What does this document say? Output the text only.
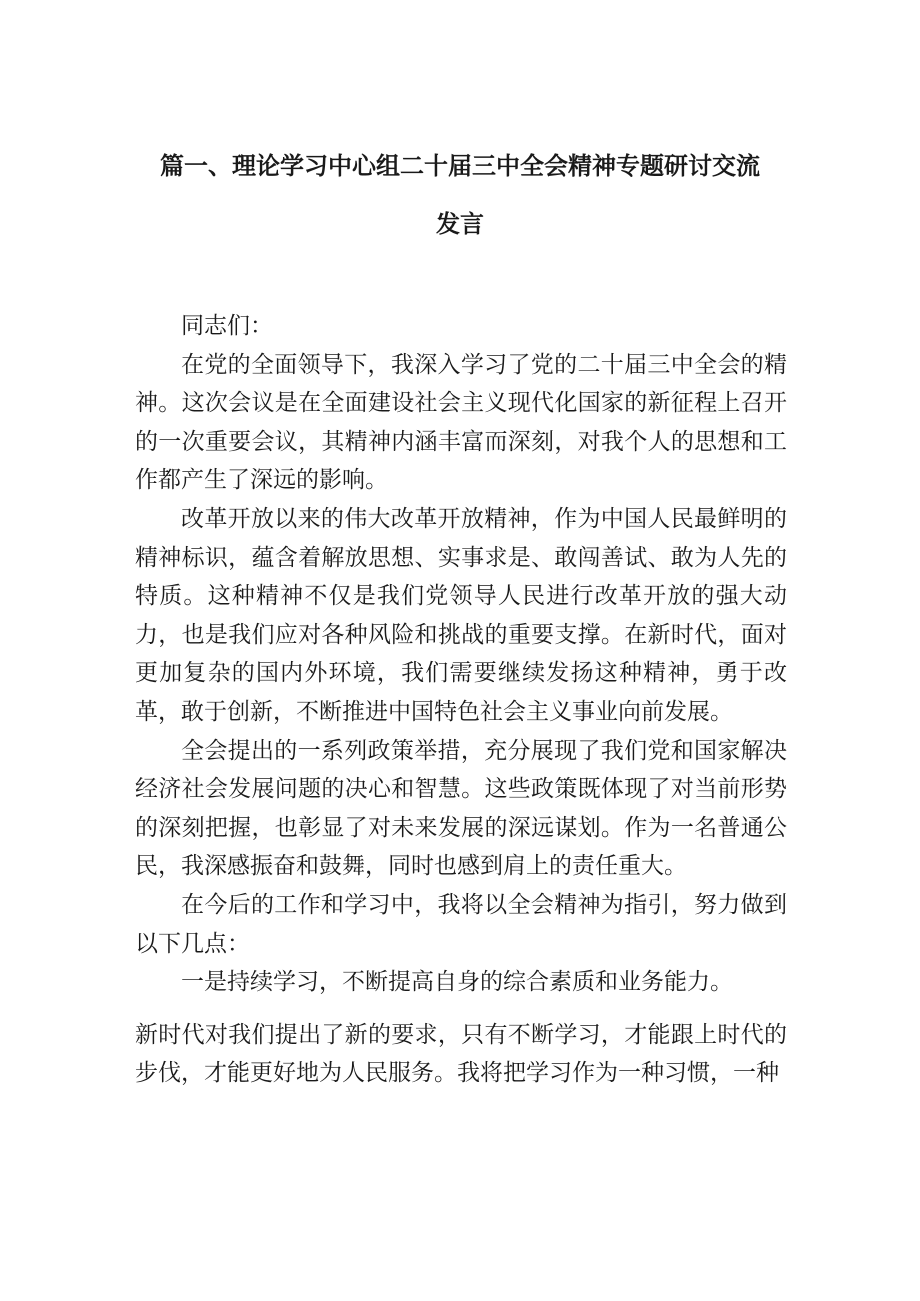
篇一、理论学习中心组二十届三中全会精神专题研讨交流
发言

同志们：

在党的全面领导下，我深入学习了党的二十届三中全会的精神。这次会议是在全面建设社会主义现代化国家的新征程上召开的一次重要会议，其精神内涵丰富而深刻，对我个人的思想和工作都产生了深远的影响。

改革开放以来的伟大改革开放精神，作为中国人民最鲜明的精神标识，蕴含着解放思想、实事求是、敢闯善试、敢为人先的特质。这种精神不仅是我们党领导人民进行改革开放的强大动力，也是我们应对各种风险和挑战的重要支撑。在新时代，面对更加复杂的国内外环境，我们需要继续发扬这种精神，勇于改革，敢于创新，不断推进中国特色社会主义事业向前发展。

全会提出的一系列政策举措，充分展现了我们党和国家解决经济社会发展问题的决心和智慧。这些政策既体现了对当前形势的深刻把握，也彰显了对未来发展的深远谋划。作为一名普通公民，我深感振奋和鼓舞，同时也感到肩上的责任重大。

在今后的工作和学习中，我将以全会精神为指引，努力做到以下几点：

一是持续学习，不断提高自身的综合素质和业务能力。

新时代对我们提出了新的要求，只有不断学习，才能跟上时代的步伐，才能更好地为人民服务。我将把学习作为一种习惯，一种
